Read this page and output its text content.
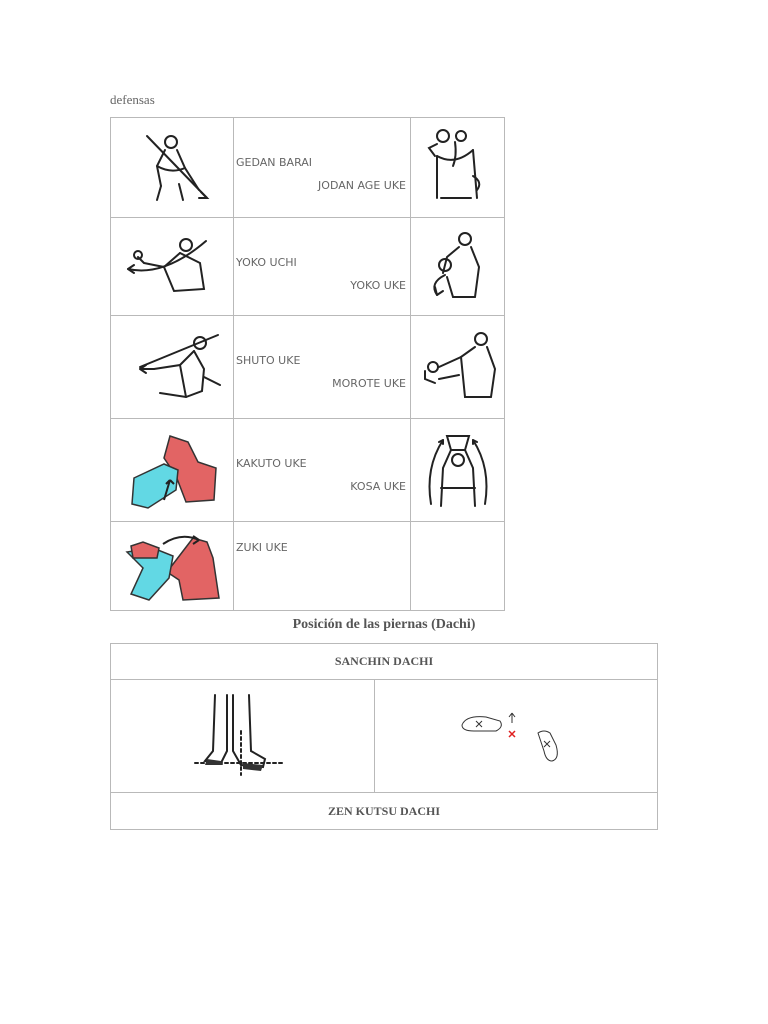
defensas

GEDAN BARAI
JODAN AGE UKE

YOKO UCHI
YOKO UKE

SHUTO UKE
MOROTE UKE

KAKUTO UKE
KOSA UKE

ZUKI UKE	

Posición de las piernas (Dachi)
SANCHIN DACHI

ZEN KUTSU DACHI
